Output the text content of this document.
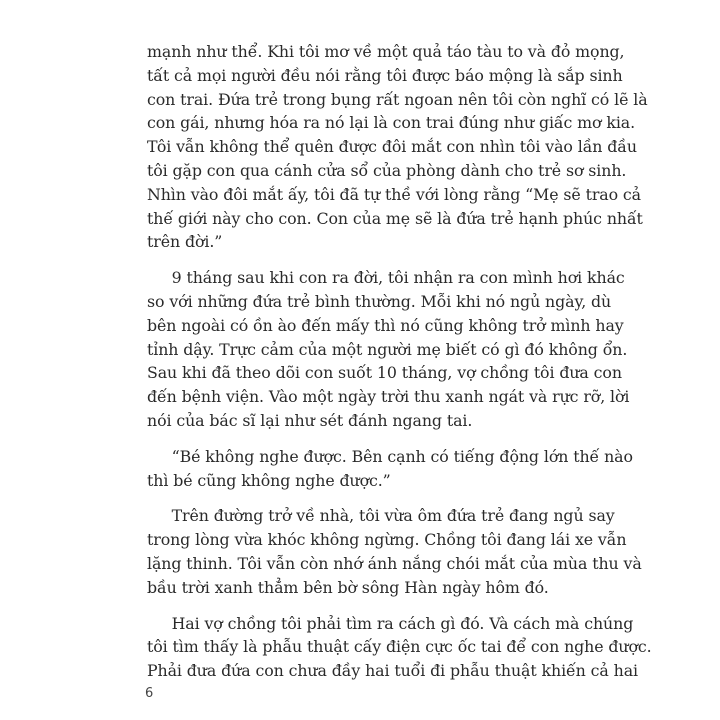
mạnh như thể. Khi tôi mơ về một quả táo tàu to và đỏ mọng,
tất cả mọi người đều nói rằng tôi được báo mộng là sắp sinh
con trai. Đứa trẻ trong bụng rất ngoan nên tôi còn nghĩ có lẽ là
con gái, nhưng hóa ra nó lại là con trai đúng như giấc mơ kia.
Tôi vẫn không thể quên được đôi mắt con nhìn tôi vào lần đầu
tôi gặp con qua cánh cửa sổ của phòng dành cho trẻ sơ sinh.
Nhìn vào đôi mắt ấy, tôi đã tự thề với lòng rằng “Mẹ sẽ trao cả
thế giới này cho con. Con của mẹ sẽ là đứa trẻ hạnh phúc nhất
trên đời.”
9 tháng sau khi con ra đời, tôi nhận ra con mình hơi khác
so với những đứa trẻ bình thường. Mỗi khi nó ngủ ngày, dù
bên ngoài có ồn ào đến mấy thì nó cũng không trở mình hay
tỉnh dậy. Trực cảm của một người mẹ biết có gì đó không ổn.
Sau khi đã theo dõi con suốt 10 tháng, vợ chồng tôi đưa con
đến bệnh viện. Vào một ngày trời thu xanh ngát và rực rỡ, lời
nói của bác sĩ lại như sét đánh ngang tai.
“Bé không nghe được. Bên cạnh có tiếng động lớn thế nào
thì bé cũng không nghe được.”
Trên đường trở về nhà, tôi vừa ôm đứa trẻ đang ngủ say
trong lòng vừa khóc không ngừng. Chồng tôi đang lái xe vẫn
lặng thinh. Tôi vẫn còn nhớ ánh nắng chói mắt của mùa thu và
bầu trời xanh thẳm bên bờ sông Hàn ngày hôm đó.
Hai vợ chồng tôi phải tìm ra cách gì đó. Và cách mà chúng
tôi tìm thấy là phẫu thuật cấy điện cực ốc tai để con nghe được.
Phải đưa đứa con chưa đầy hai tuổi đi phẫu thuật khiến cả hai
6
